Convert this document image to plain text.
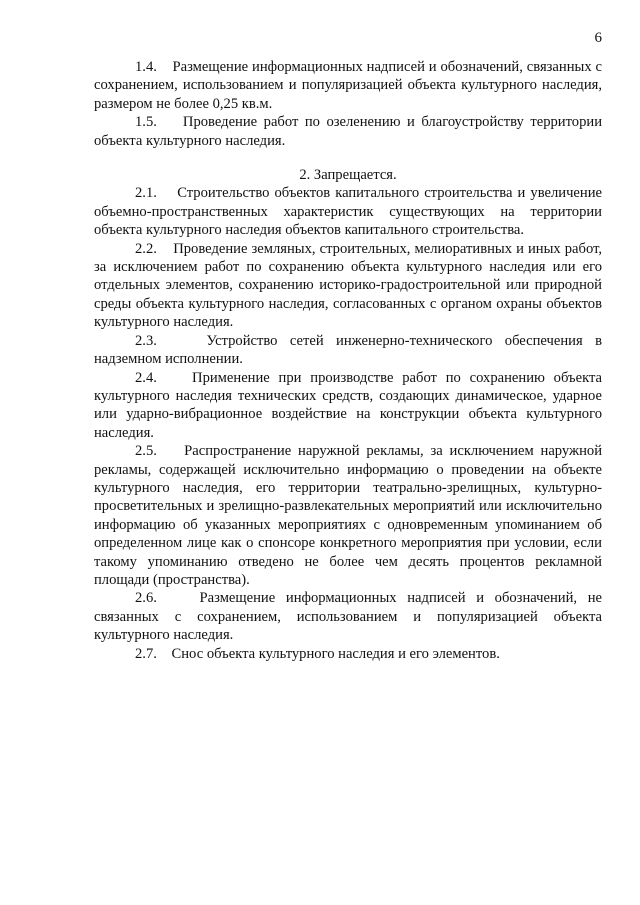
6

1.4. Размещение информационных надписей и обозначений, связанных с сохранением, использованием и популяризацией объекта культурного наследия, размером не более 0,25 кв.м.

1.5. Проведение работ по озеленению и благоустройству территории объекта культурного наследия.

2. Запрещается.

2.1. Строительство объектов капитального строительства и увеличение объемно-пространственных характеристик существующих на территории объекта культурного наследия объектов капитального строительства.

2.2. Проведение земляных, строительных, мелиоративных и иных работ, за исключением работ по сохранению объекта культурного наследия или его отдельных элементов, сохранению историко-градостроительной или природной среды объекта культурного наследия, согласованных с органом охраны объектов культурного наследия.

2.3.	Устройство сетей инженерно-технического обеспечения в надземном исполнении.

2.4. Применение при производстве работ по сохранению объекта культурного наследия технических средств, создающих динамическое, ударное или ударно-вибрационное воздействие на конструкции объекта культурного наследия.

2.5. Распространение наружной рекламы, за исключением наружной рекламы, содержащей исключительно информацию о проведении на объекте культурного наследия, его территории театрально-зрелищных, культурно-просветительных и зрелищно-развлекательных мероприятий или исключительно информацию об указанных мероприятиях с одновременным упоминанием об определенном лице как о спонсоре конкретного мероприятия при условии, если такому упоминанию отведено не более чем десять процентов рекламной площади (пространства).

2.6.	Размещение информационных надписей и обозначений, не связанных с сохранением, использованием и популяризацией объекта культурного наследия.

2.7. Снос объекта культурного наследия и его элементов.
